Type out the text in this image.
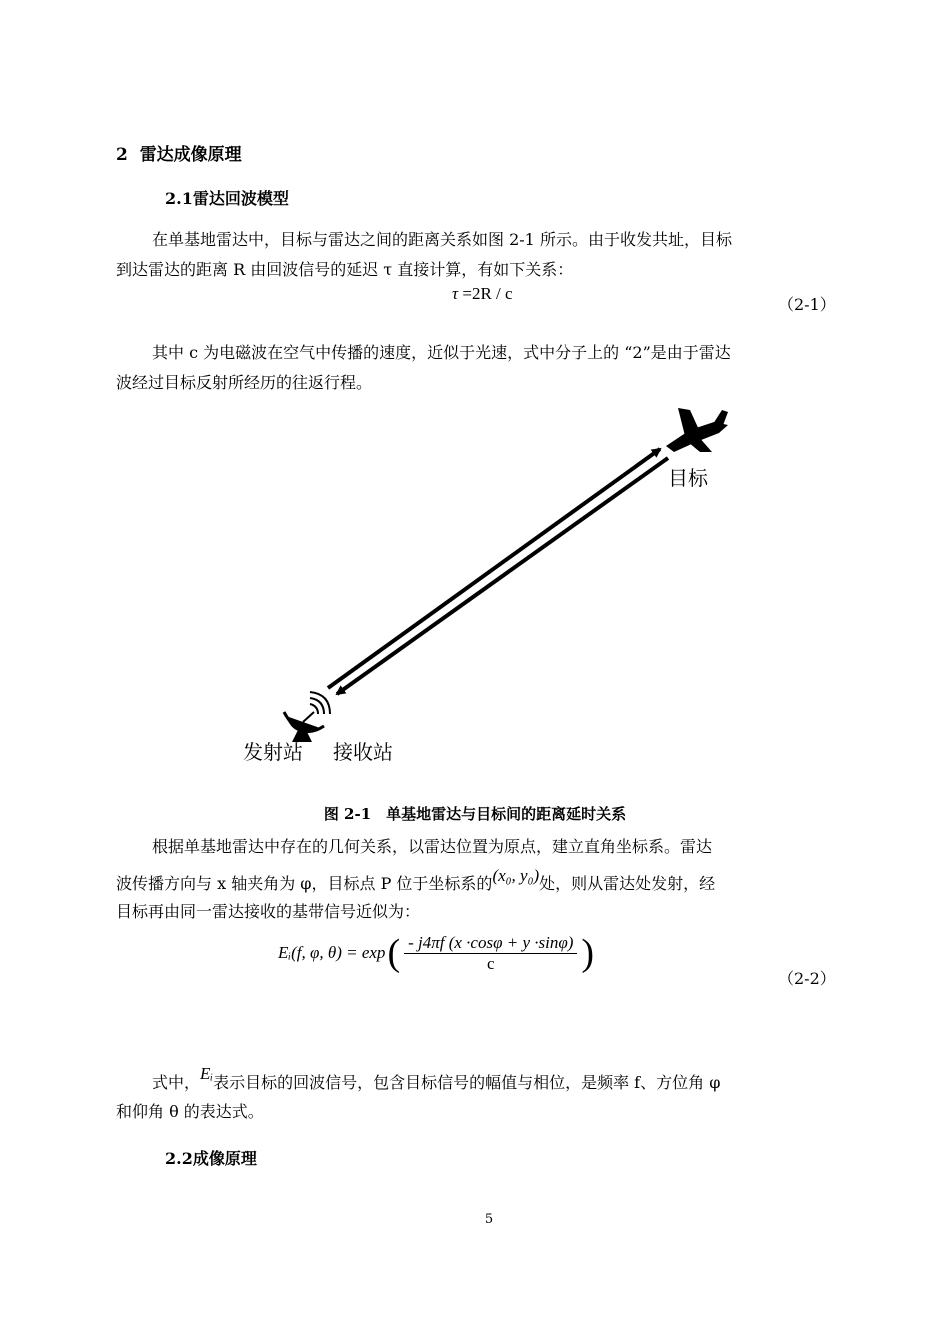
2 雷达成像原理
2.1雷达回波模型
在单基地雷达中，目标与雷达之间的距离关系如图 2-1 所示。由于收发共址，目标
到达雷达的距离 R 由回波信号的延迟 τ 直接计算，有如下关系：
τ =2R / c
（2-1）
其中 c 为电磁波在空气中传播的速度，近似于光速，式中分子上的 “2”是由于雷达
波经过目标反射所经历的往返行程。
目标
发射站 接收站
图 2-1　单基地雷达与目标间的距离延时关系
根据单基地雷达中存在的几何关系，以雷达位置为原点，建立直角坐标系。雷达
波传播方向与 x 轴夹角为 φ，目标点 P 位于坐标系的(x₀, y₀)处，则从雷达处发射，经
目标再由同一雷达接收的基带信号近似为：
Eᵢ(f, φ, θ) = exp ( $\frac{- j4\pi f (x \cdot\cos\varphi + y \cdot\sin\varphi)}{c}$ )
（2-2）
式中，Eᵢ表示目标的回波信号，包含目标信号的幅值与相位，是频率 f、方位角 φ
和仰角 θ 的表达式。
2.2成像原理
5
